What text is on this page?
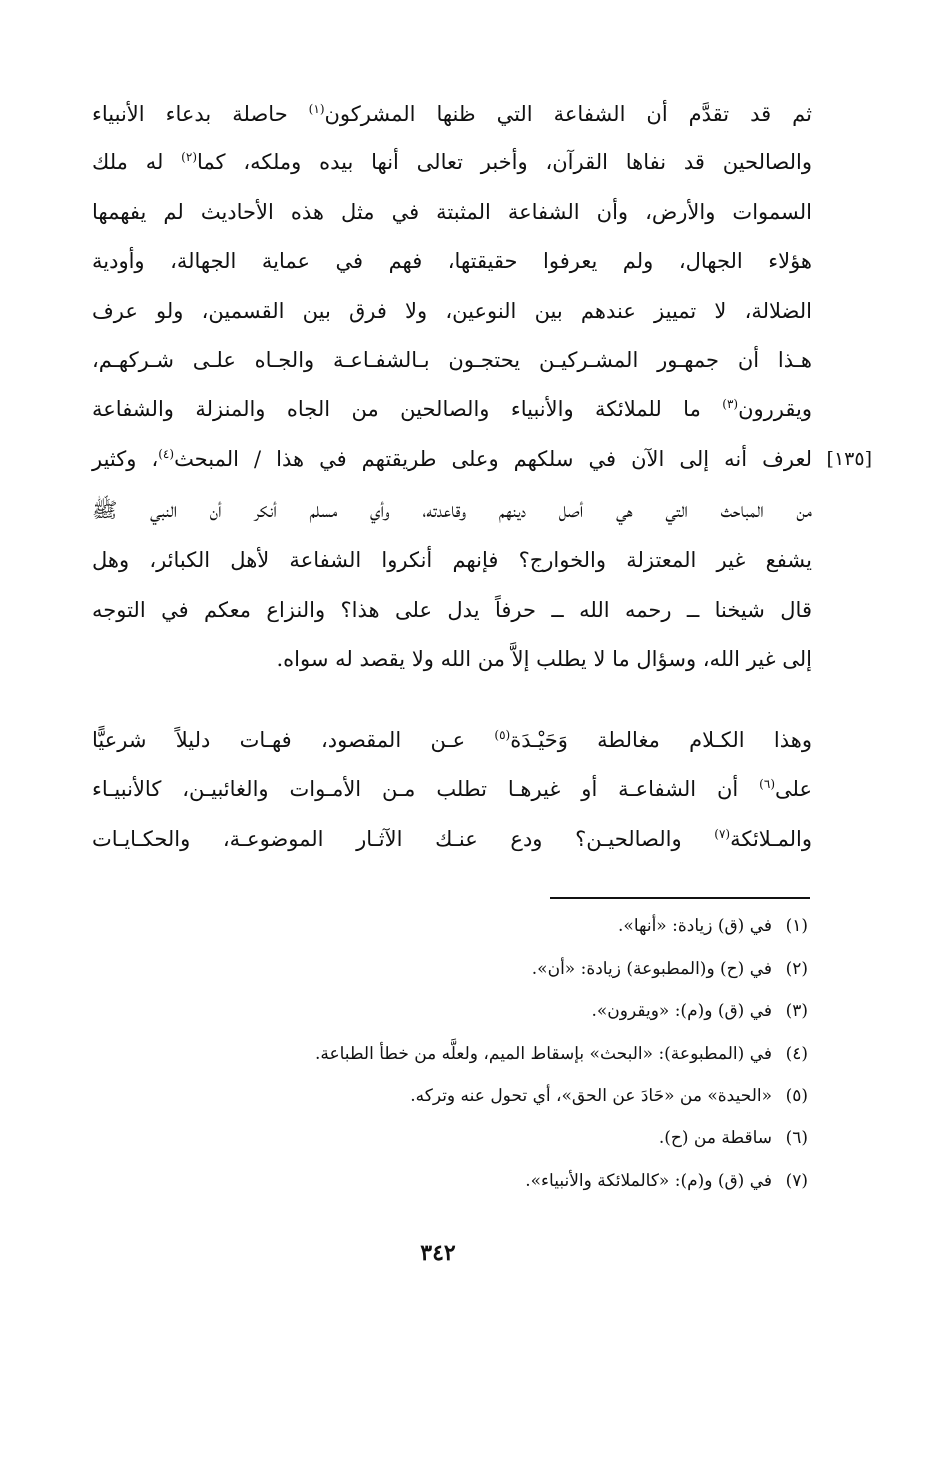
ثم قد تقدَّم أن الشفاعة التي ظنها المشركون$^{(١)}$ حاصلة بدعاء الأنبياء
والصالحين قد نفاها القرآن، وأخبر تعالى أنها بيده وملكه، كما$^{(٢)}$ له ملك
السموات والأرض، وأن الشفاعة المثبتة في مثل هذه الأحاديث لم يفهمها
هؤلاء الجهال، ولم يعرفوا حقيقتها، فهم في عماية الجهالة، وأودية
الضلالة، لا تمييز عندهم بين النوعين، ولا فرق بين القسمين، ولو عرف
هـذا أن جمهـور المشـركيـن يحتجـون بـالشفـاعـة والجـاه علـى شـركهـم،
ويقررون$^{(٣)}$ ما للملائكة والأنبياء والصالحين من الجاه والمنزلة والشفاعة
لعرف أنه إلى الآن في سلكهم وعلى طريقتهم في هذا / المبحث$^{(٤)}$، وكثير
من المباحث التي هي أصل دينهم وقاعدته، وأي مسلم أنكر أن النبي ﷺ
يشفع غير المعتزلة والخوارج؟ فإنهم أنكروا الشفاعة لأهل الكبائر، وهل
قال شيخنا ــ رحمه الله ــ حرفاً يدل على هذا؟ والنزاع معكم في التوجه
إلى غير الله، وسؤال ما لا يطلب إلاَّ من الله ولا يقصد له سواه.
[١٣٥]
وهذا الكـلام مغالطة وَحَيْـدَة$^{(٥)}$ عـن المقصود، فهـات دليلاً شرعيًّا
على$^{(٦)}$ أن الشفاعـة أو غيرهـا تطلب مـن الأمـوات والغائبيـن، كالأنبيـاء
والمـلائكة$^{(٧)}$ والصالحيـن؟ ودع عنـك الآثـار الموضوعـة، والحكـايـات
(١)في (ق) زيادة: «أنها».
(٢)في (ح) و(المطبوعة) زيادة: «أن».
(٣)في (ق) و(م): «ويقرون».
(٤)في (المطبوعة): «البحث» بإسقاط الميم، ولعلَّه من خطأ الطباعة.
(٥)«الحيدة» من «حَادَ عن الحق»، أي تحول عنه وتركه.
(٦)ساقطة من (ح).
(٧)في (ق) و(م): «كالملائكة والأنبياء».
٣٤٢
